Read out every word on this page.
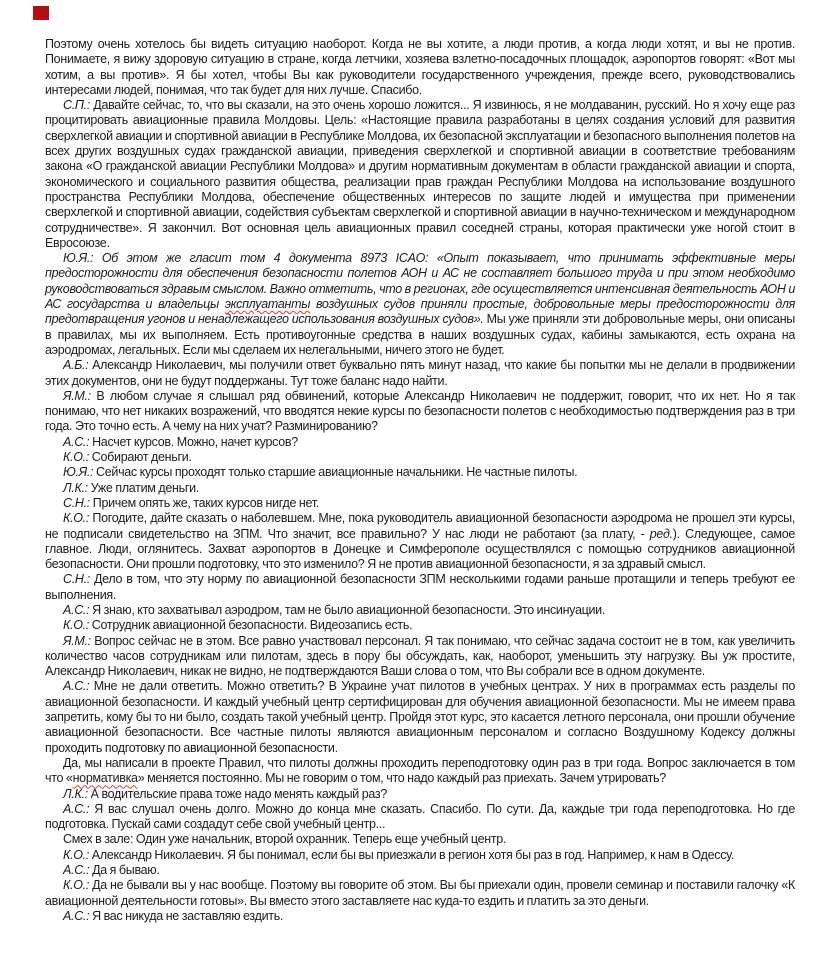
Поэтому очень хотелось бы видеть ситуацию наоборот. Когда не вы хотите, а люди против, а когда люди хотят, и вы не против. Понимаете, я вижу здоровую ситуацию в стране, когда летчики, хозяева взлетно-посадочных площадок, аэропортов говорят: «Вот мы хотим, а вы против». Я бы хотел, чтобы Вы как руководители государственного учреждения, прежде всего, руководствовались интересами людей, понимая, что так будет для них лучше. Спасибо.

С.П.: Давайте сейчас, то, что вы сказали, на это очень хорошо ложится... Я извинюсь, я не молдаванин, русский. Но я хочу еще раз процитировать авиационные правила Молдовы. Цель: «Настоящие правила разработаны в целях создания условий для развития сверхлегкой авиации и спортивной авиации в Республике Молдова, их безопасной эксплуатации и безопасного выполнения полетов на всех других воздушных судах гражданской авиации, приведения сверхлегкой и спортивной авиации в соответствие требованиям закона «О гражданской авиации Республики Молдова» и другим нормативным документам в области гражданской авиации и спорта, экономического и социального развития общества, реализации прав граждан Республики Молдова на использование воздушного пространства Республики Молдова, обеспечение общественных интересов по защите людей и имущества при применении сверхлегкой и спортивной авиации, содействия субъектам сверхлегкой и спортивной авиации в научно-техническом и международном сотрудничестве». Я закончил. Вот основная цель авиационных правил соседней страны, которая практически уже ногой стоит в Евросоюзе.

Ю.Я.: Об этом же гласит том 4 документа 8973 ICAO: «Опыт показывает, что принимать эффективные меры предосторожности для обеспечения безопасности полетов АОН и АС не составляет большого труда и при этом необходимо руководствоваться здравым смыслом. Важно отметить, что в регионах, где осуществляется интенсивная деятельность АОН и АС государства и владельцы эксплуатанты воздушных судов приняли простые, добровольные меры предосторожности для предотвращения угонов и ненадлежащего использования воздушных судов». Мы уже приняли эти добровольные меры, они описаны в правилах, мы их выполняем. Есть противоугонные средства в наших воздушных судах, кабины замыкаются, есть охрана на аэродромах, легальных. Если мы сделаем их нелегальными, ничего этого не будет.

А.Б.: Александр Николаевич, мы получили ответ буквально пять минут назад, что какие бы попытки мы не делали в продвижении этих документов, они не будут поддержаны. Тут тоже баланс надо найти.

Я.М.: В любом случае я слышал ряд обвинений, которые Александр Николаевич не поддержит, говорит, что их нет. Но я так понимаю, что нет никаких возражений, что вводятся некие курсы по безопасности полетов с необходимостью подтверждения раз в три года. Это точно есть. А чему на них учат? Разминированию?

А.С.: Насчет курсов. Можно, начет курсов?

К.О.: Собирают деньги.

Ю.Я.: Сейчас курсы проходят только старшие авиационные начальники. Не частные пилоты.

Л.К.: Уже платим деньги.

С.Н.: Причем опять же, таких курсов нигде нет.

К.О.: Погодите, дайте сказать о наболевшем. Мне, пока руководитель авиационной безопасности аэродрома не прошел эти курсы, не подписали свидетельство на ЗПМ. Что значит, все правильно? У нас люди не работают (за плату, - ред.). Следующее, самое главное. Люди, оглянитесь. Захват аэропортов в Донецке и Симферополе осуществлялся с помощью сотрудников авиационной безопасности. Они прошли подготовку, что это изменило? Я не против авиационной безопасности, я за здравый смысл.

С.Н.: Дело в том, что эту норму по авиационной безопасности ЗПМ несколькими годами раньше протащили и теперь требуют ее выполнения.

А.С.: Я знаю, кто захватывал аэродром, там не было авиационной безопасности. Это инсинуации.

К.О.: Сотрудник авиационной безопасности. Видеозапись есть.

Я.М.: Вопрос сейчас не в этом. Все равно участвовал персонал. Я так понимаю, что сейчас задача состоит не в том, как увеличить количество часов сотрудникам или пилотам, здесь в пору бы обсуждать, как, наоборот, уменьшить эту нагрузку. Вы уж простите, Александр Николаевич, никак не видно, не подтверждаются Ваши слова о том, что Вы собрали все в одном документе.

А.С.: Мне не дали ответить. Можно ответить? В Украине учат пилотов в учебных центрах. У них в программах есть разделы по авиационной безопасности. И каждый учебный центр сертифицирован для обучения авиационной безопасности. Мы не имеем права запретить, кому бы то ни было, создать такой учебный центр. Пройдя этот курс, это касается летного персонала, они прошли обучение авиационной безопасности. Все частные пилоты являются авиационным персоналом и согласно Воздушному Кодексу должны проходить подготовку по авиационной безопасности.

Да, мы написали в проекте Правил, что пилоты должны проходить переподготовку один раз в три года. Вопрос заключается в том что «нормативка» меняется постоянно. Мы не говорим о том, что надо каждый раз приехать. Зачем утрировать?

Л.К.: А водительские права тоже надо менять каждый раз?

А.С.: Я вас слушал очень долго. Можно до конца мне сказать. Спасибо. По сути. Да, каждые три года переподготовка. Но где подготовка. Пускай сами создадут себе свой учебный центр...

Смех в зале: Один уже начальник, второй охранник. Теперь еще учебный центр.

К.О.: Александр Николаевич. Я бы понимал, если бы вы приезжали в регион хотя бы раз в год. Например, к нам в Одессу.

А.С.: Да я бываю.

К.О.: Да не бывали вы у нас вообще. Поэтому вы говорите об этом. Вы бы приехали один, провели семинар и поставили галочку «К авиационной деятельности готовы». Вы вместо этого заставляете нас куда-то ездить и платить за это деньги.

А.С.: Я вас никуда не заставляю ездить.
